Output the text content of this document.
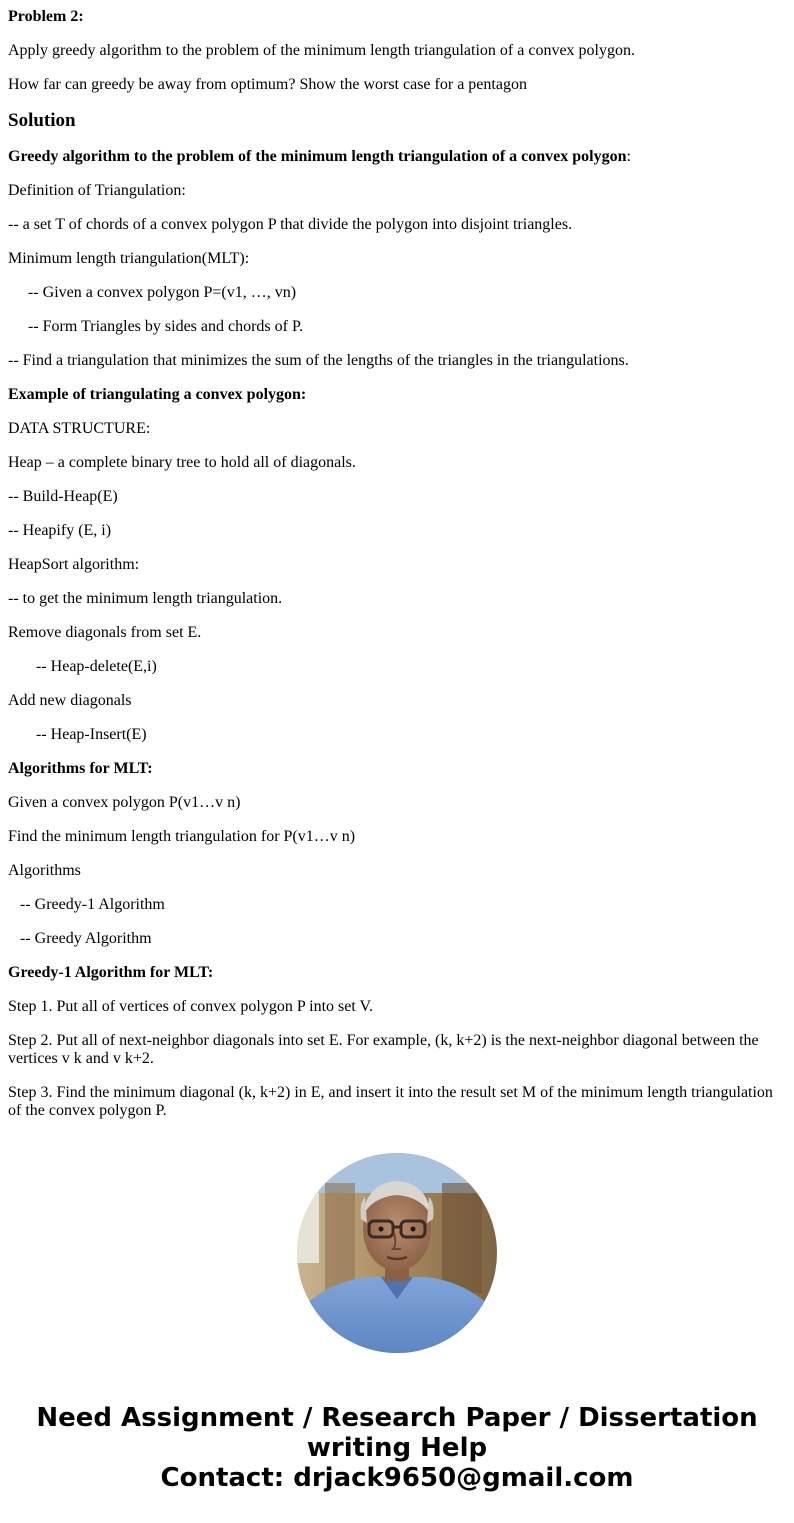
Problem 2:

Apply greedy algorithm to the problem of the minimum length triangulation of a convex polygon.

How far can greedy be away from optimum? Show the worst case for a pentagon

Solution

Greedy algorithm to the problem of the minimum length triangulation of a convex polygon:

Definition of Triangulation:

-- a set T of chords of a convex polygon P that divide the polygon into disjoint triangles.

Minimum length triangulation(MLT):

-- Given a convex polygon P=(v1, …, vn)

-- Form Triangles by sides and chords of P.

-- Find a triangulation that minimizes the sum of the lengths of the triangles in the triangulations.

Example of triangulating a convex polygon:

DATA STRUCTURE:

Heap – a complete binary tree to hold all of diagonals.

-- Build-Heap(E)

-- Heapify (E, i)

HeapSort algorithm:

-- to get the minimum length triangulation.

Remove diagonals from set E.

-- Heap-delete(E,i)

Add new diagonals

-- Heap-Insert(E)

Algorithms for MLT:

Given a convex polygon P(v1…v n)

Find the minimum length triangulation for P(v1…v n)

Algorithms

-- Greedy-1 Algorithm

-- Greedy Algorithm

Greedy-1 Algorithm for MLT:

Step 1. Put all of vertices of convex polygon P into set V.

Step 2. Put all of next-neighbor diagonals into set E. For example, (k, k+2) is the next-neighbor diagonal between the vertices v k and v k+2.

Step 3. Find the minimum diagonal (k, k+2) in E, and insert it into the result set M of the minimum length triangulation of the convex polygon P.

Need Assignment / Research Paper / Dissertation
writing Help
Contact: drjack9650@gmail.com
